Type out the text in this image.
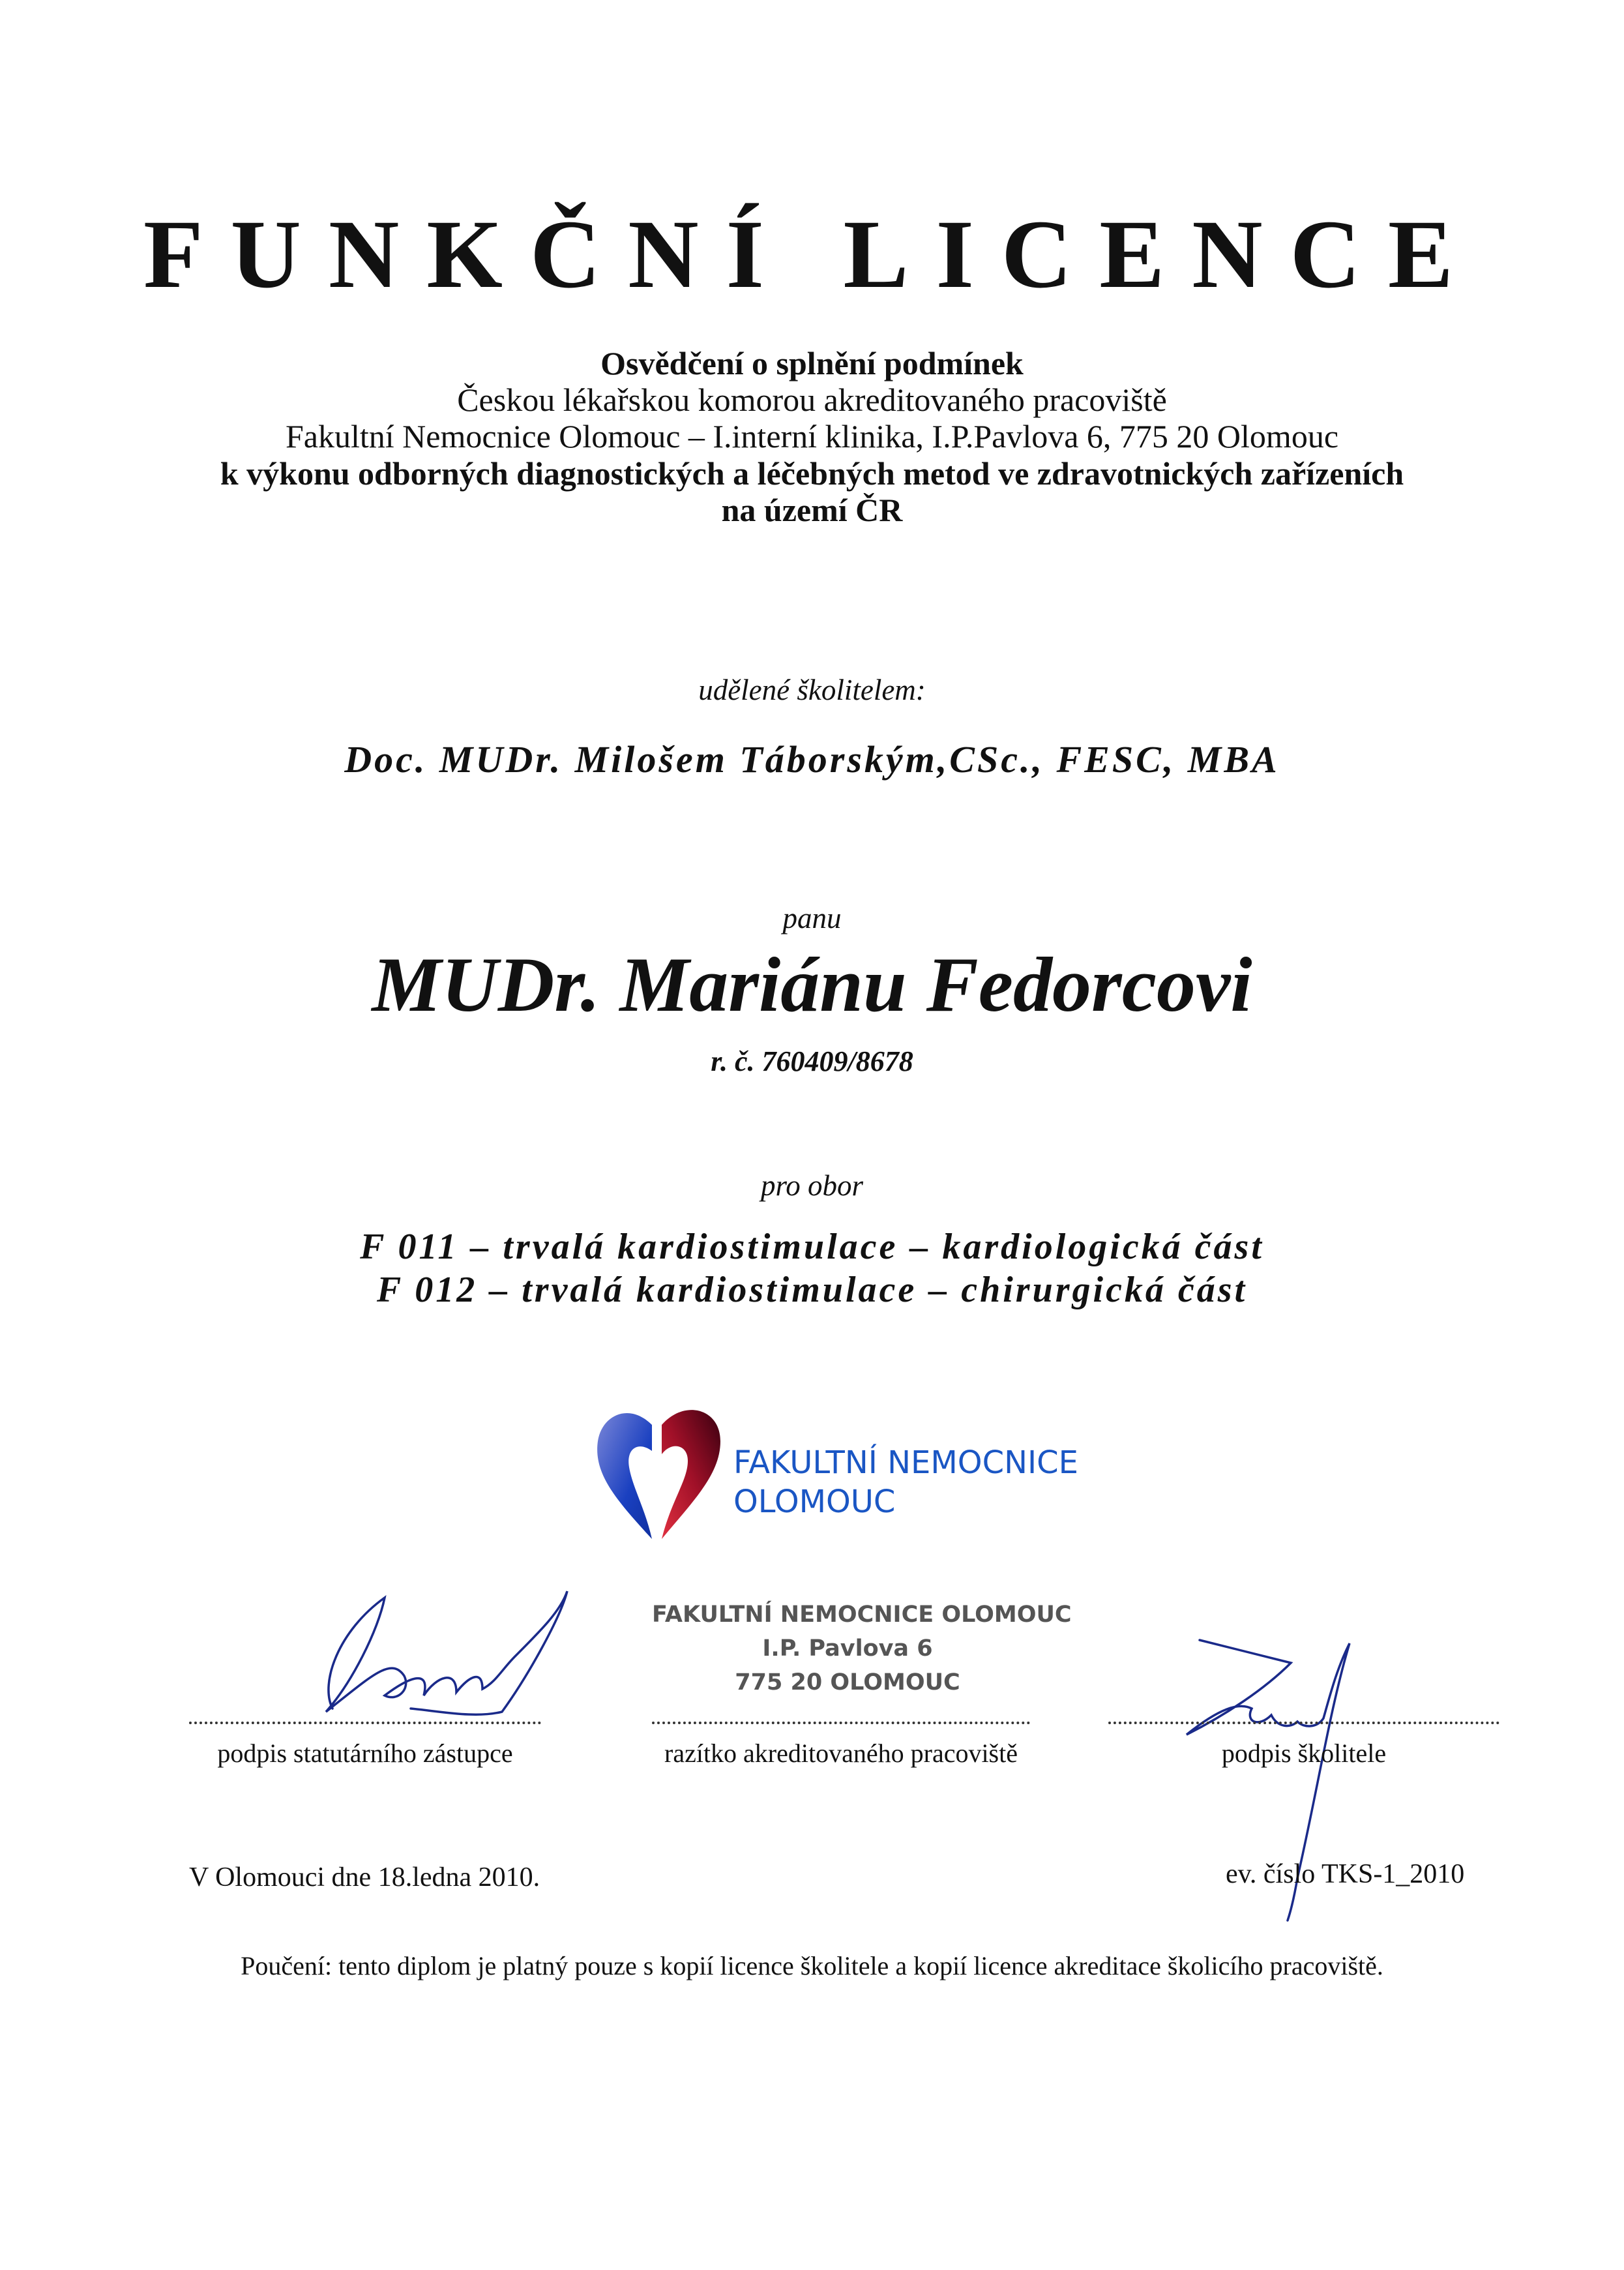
FUNKČNÍ LICENCE
Osvědčení o splnění podmínek
Českou lékařskou komorou akreditovaného pracoviště
Fakultní Nemocnice Olomouc – I.interní klinika, I.P.Pavlova 6, 775 20 Olomouc
k výkonu odborných diagnostických a léčebných metod ve zdravotnických zařízeních
na území ČR
udělené školitelem:
Doc. MUDr. Milošem Táborským,CSc., FESC, MBA
panu
MUDr. Mariánu Fedorcovi
r. č. 760409/8678
pro obor
F 011 – trvalá kardiostimulace – kardiologická část
F 012 – trvalá kardiostimulace – chirurgická část
FAKULTNÍ NEMOCNICE
OLOMOUC
podpis statutárního zástupce
FAKULTNÍ NEMOCNICE OLOMOUC
I.P. Pavlova 6
775 20 OLOMOUC
razítko akreditovaného pracoviště	podpis školitele
V Olomouci dne 18.ledna 2010.	ev. číslo TKS-1_2010
Poučení: tento diplom je platný pouze s kopií licence školitele a kopií licence akreditace školicího pracoviště.
